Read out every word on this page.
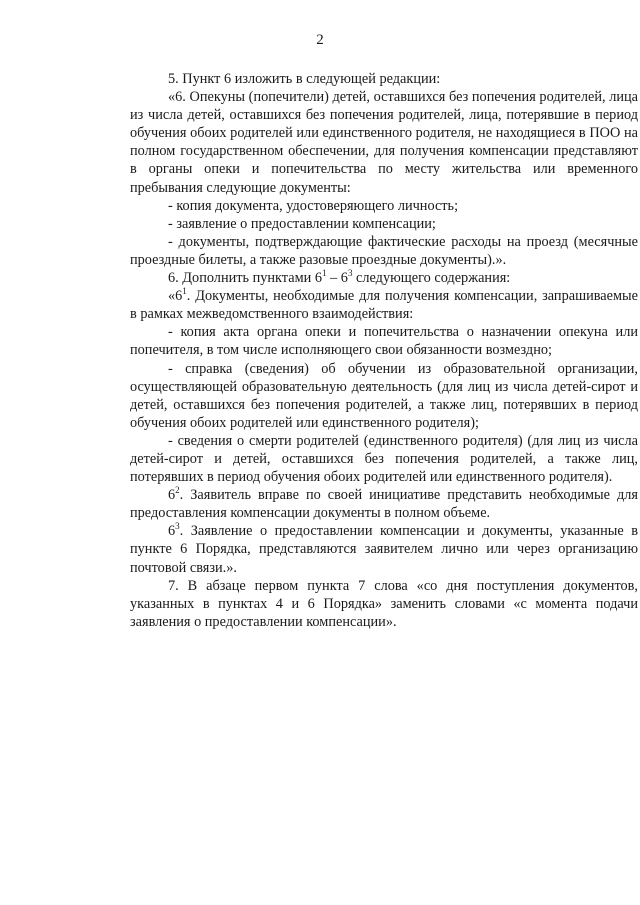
2

5. Пункт 6 изложить в следующей редакции:

«6. Опекуны (попечители) детей, оставшихся без попечения родителей, лица из числа детей, оставшихся без попечения родителей, лица, потерявшие в период обучения обоих родителей или единственного родителя, не находящиеся в ПОО на полном государственном обеспечении, для получения компенсации представляют в органы опеки и попечительства по месту жительства или временного пребывания следующие документы:

- копия документа, удостоверяющего личность;

- заявление о предоставлении компенсации;

- документы, подтверждающие фактические расходы на проезд (месячные проездные билеты, а также разовые проездные документы).».

6. Дополнить пунктами $6^1 - 6^3$ следующего содержания:

«$6^1$. Документы, необходимые для получения компенсации, запрашиваемые в рамках межведомственного взаимодействия:

- копия акта органа опеки и попечительства о назначении опекуна или попечителя, в том числе исполняющего свои обязанности возмездно;

- справка (сведения) об обучении из образовательной организации, осуществляющей образовательную деятельность (для лиц из числа детей-сирот и детей, оставшихся без попечения родителей, а также лиц, потерявших в период обучения обоих родителей или единственного родителя);

- сведения о смерти родителей (единственного родителя) (для лиц из числа детей-сирот и детей, оставшихся без попечения родителей, а также лиц, потерявших в период обучения обоих родителей или единственного родителя).

$6^2$. Заявитель вправе по своей инициативе представить необходимые для предоставления компенсации документы в полном объеме.

$6^3$. Заявление о предоставлении компенсации и документы, указанные в пункте 6 Порядка, представляются заявителем лично или через организацию почтовой связи.».

7. В абзаце первом пункта 7 слова «со дня поступления документов, указанных в пунктах 4 и 6 Порядка» заменить словами «с момента подачи заявления о предоставлении компенсации».
